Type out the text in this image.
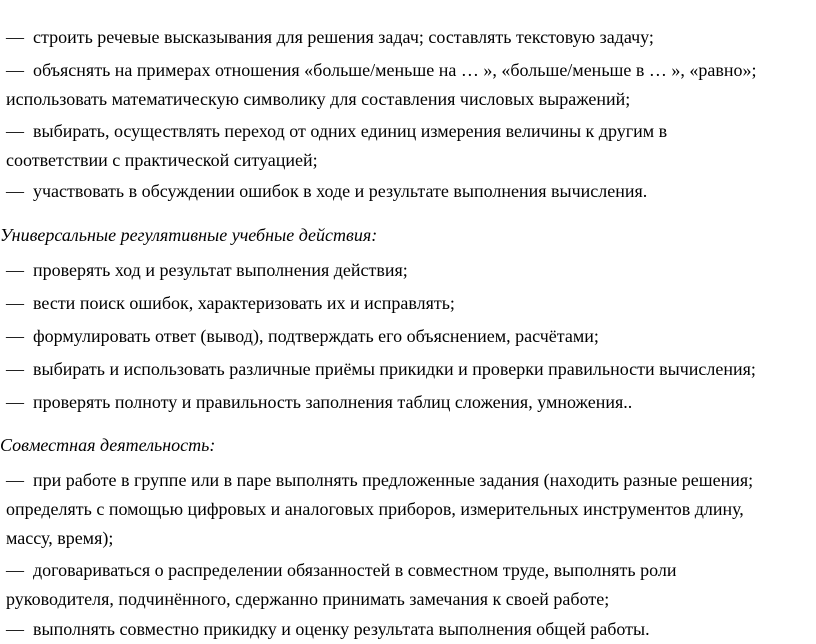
— строить речевые высказывания для решения задач; составлять текстовую задачу;
— объяснять на примерах отношения «больше/меньше на … », «больше/меньше в … », «равно»;
использовать математическую символику для составления числовых выражений;
— выбирать, осуществлять переход от одних единиц измерения величины к другим в
соответствии с практической ситуацией;
— участвовать в обсуждении ошибок в ходе и результате выполнения вычисления.
Универсальные регулятивные учебные действия:
— проверять ход и результат выполнения действия;
— вести поиск ошибок, характеризовать их и исправлять;
— формулировать ответ (вывод), подтверждать его объяснением, расчётами;
— выбирать и использовать различные приёмы прикидки и проверки правильности вычисления;
— проверять полноту и правильность заполнения таблиц сложения, умножения..
Совместная деятельность:
— при работе в группе или в паре выполнять предложенные задания (находить разные решения;
определять с помощью цифровых и аналоговых приборов, измерительных инструментов длину,
массу, время);
— договариваться о распределении обязанностей в совместном труде, выполнять роли
руководителя, подчинённого, сдержанно принимать замечания к своей работе;
— выполнять совместно прикидку и оценку результата выполнения общей работы.
